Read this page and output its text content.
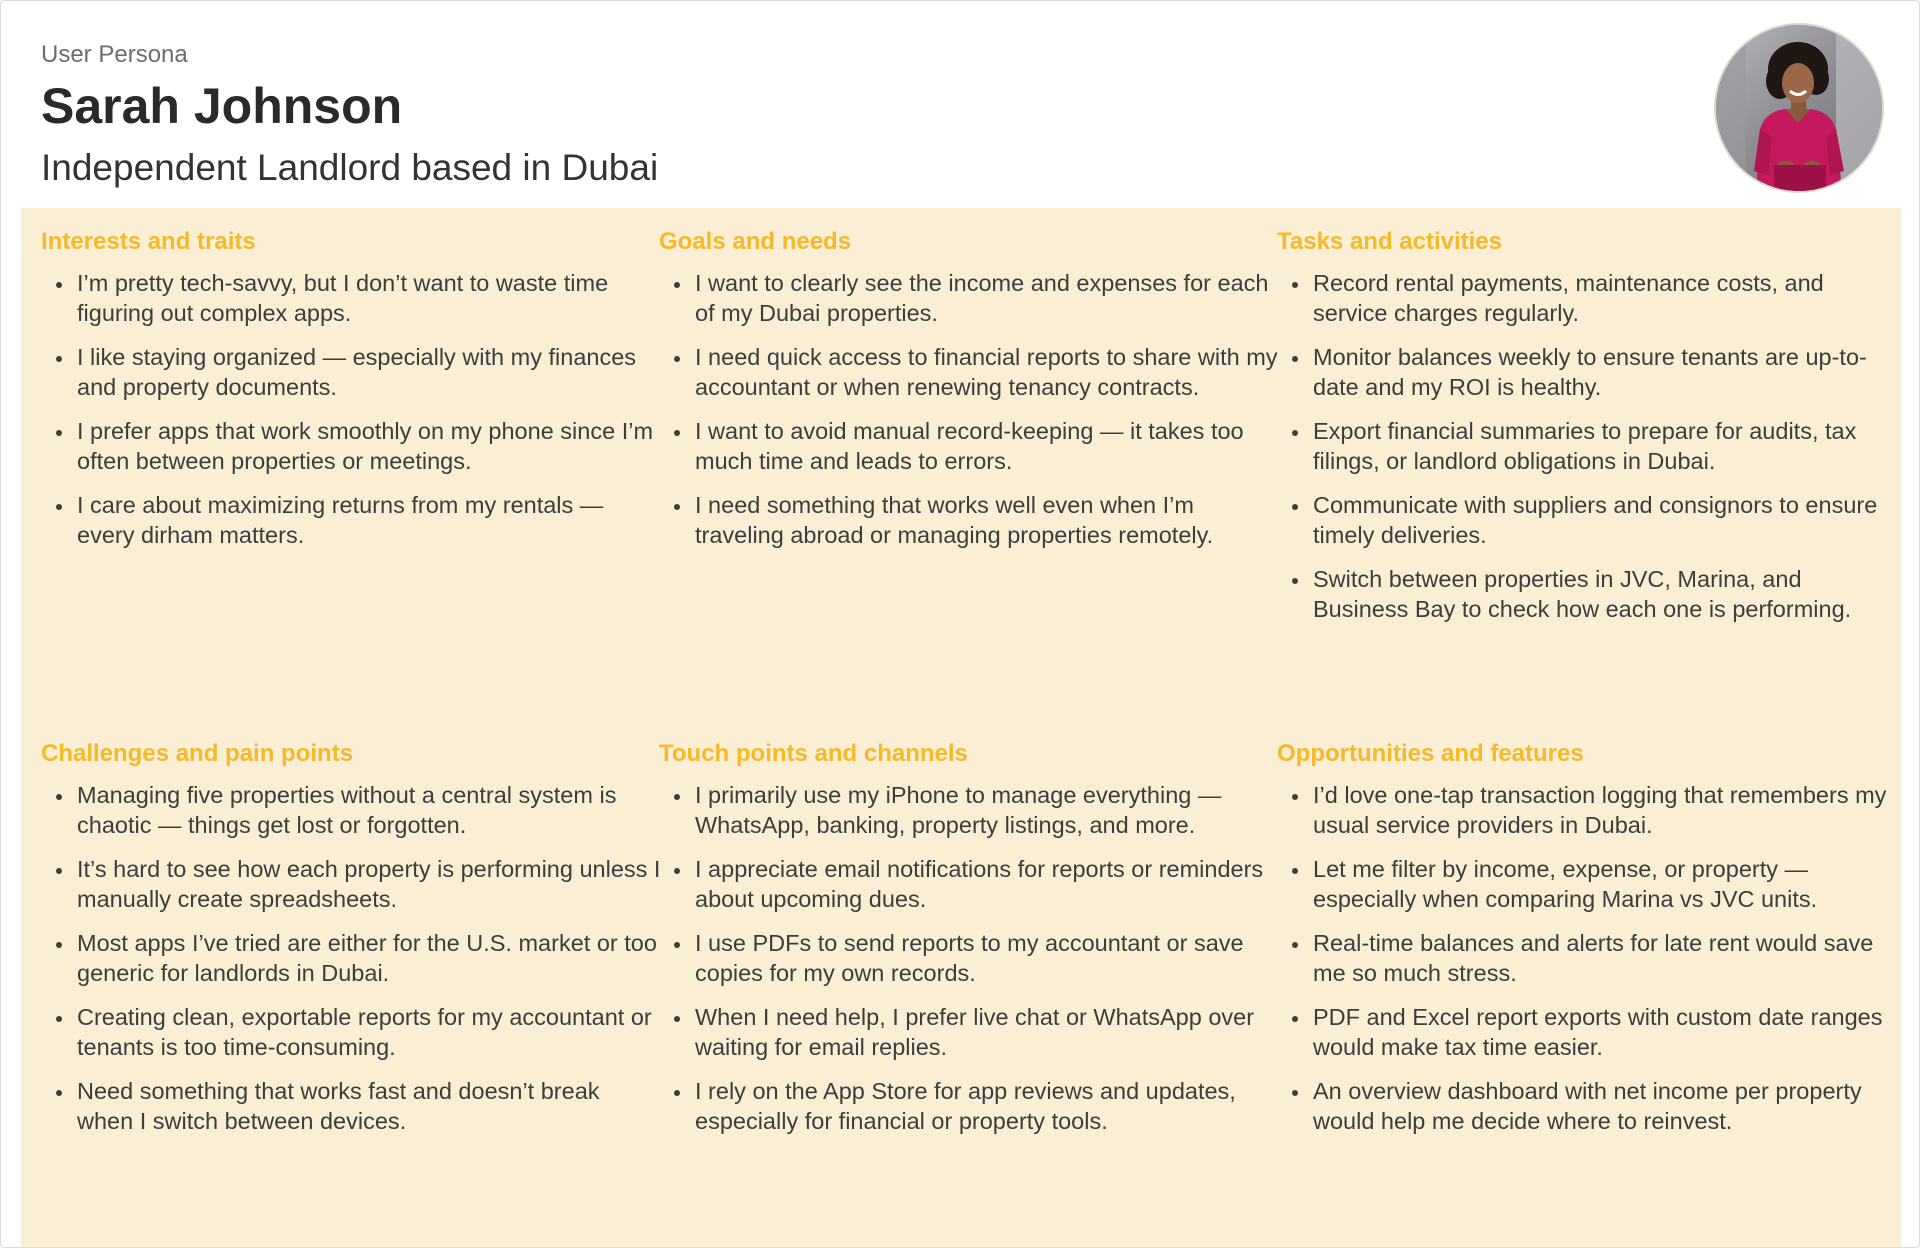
User Persona

Sarah Johnson

Independent Landlord based in Dubai

Interests and traits
I’m pretty tech-savvy, but I don’t want to waste time figuring out complex apps.
I like staying organized — especially with my finances and property documents.
I prefer apps that work smoothly on my phone since I’m often between properties or meetings.
I care about maximizing returns from my rentals — every dirham matters.
Goals and needs
I want to clearly see the income and expenses for each of my Dubai properties.
I need quick access to financial reports to share with my accountant or when renewing tenancy contracts.
I want to avoid manual record-keeping — it takes too much time and leads to errors.
I need something that works well even when I’m traveling abroad or managing properties remotely.
Tasks and activities
Record rental payments, maintenance costs, and service charges regularly.
Monitor balances weekly to ensure tenants are up-to-date and my ROI is healthy.
Export financial summaries to prepare for audits, tax filings, or landlord obligations in Dubai.
Communicate with suppliers and consignors to ensure timely deliveries.
Switch between properties in JVC, Marina, and Business Bay to check how each one is performing.
Challenges and pain points
Managing five properties without a central system is chaotic — things get lost or forgotten.
It’s hard to see how each property is performing unless I manually create spreadsheets.
Most apps I’ve tried are either for the U.S. market or too generic for landlords in Dubai.
Creating clean, exportable reports for my accountant or tenants is too time-consuming.
Need something that works fast and doesn’t break when I switch between devices.
Touch points and channels
I primarily use my iPhone to manage everything — WhatsApp, banking, property listings, and more.
I appreciate email notifications for reports or reminders about upcoming dues.
I use PDFs to send reports to my accountant or save copies for my own records.
When I need help, I prefer live chat or WhatsApp over waiting for email replies.
I rely on the App Store for app reviews and updates, especially for financial or property tools.
Opportunities and features
I’d love one-tap transaction logging that remembers my usual service providers in Dubai.
Let me filter by income, expense, or property — especially when comparing Marina vs JVC units.
Real-time balances and alerts for late rent would save me so much stress.
PDF and Excel report exports with custom date ranges would make tax time easier.
An overview dashboard with net income per property would help me decide where to reinvest.
